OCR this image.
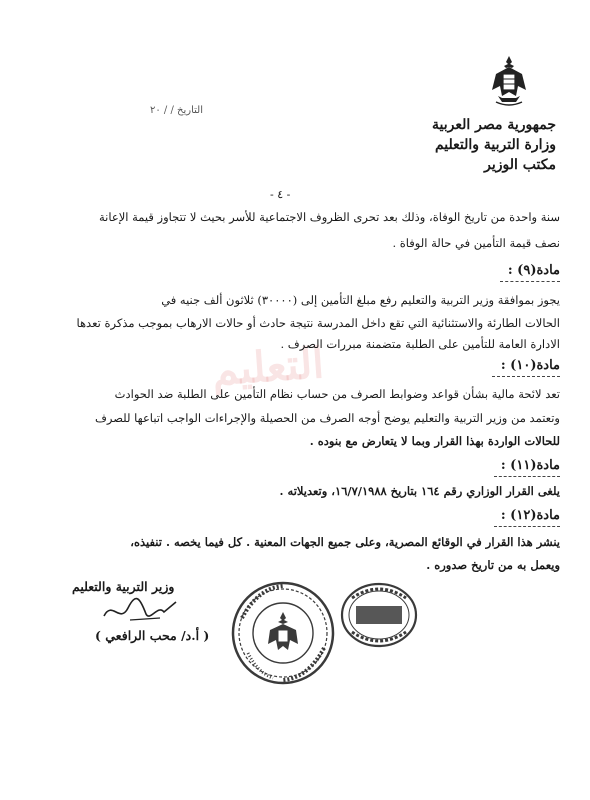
جمهورية مصر العربية
وزارة التربية والتعليم
مكتب الوزير
التاريخ / / ٢٠
- ٤ -
التعليم
سنة واحدة من تاريخ الوفاة، وذلك بعد تحرى الظروف الاجتماعية للأسر بحيث لا تتجاوز قيمة الإعانة
نصف قيمة التأمين في حالة الوفاة .
مادة(٩) :
يجوز بموافقة وزير التربية والتعليم رفع مبلغ التأمين إلى (٣٠٠٠٠) ثلاثون ألف جنيه في
الحالات الطارئة والاستثنائية التي تقع داخل المدرسة نتيجة حادث أو حالات الارهاب بموجب مذكرة تعدها
الادارة العامة للتأمين على الطلبة متضمنة مبررات الصرف .
مادة(١٠) :
تعد لائحة مالية بشأن قواعد وضوابط الصرف من حساب نظام التأمين على الطلبة ضد الحوادث
وتعتمد من وزير التربية والتعليم يوضح أوجه الصرف من الحصيلة والإجراءات الواجب اتباعها للصرف
للحالات الواردة بهذا القرار وبما لا يتعارض مع بنوده .
مادة(١١) :
يلغى القرار الوزاري رقم ١٦٤ بتاريخ ١٦/٧/١٩٨٨، وتعديلاته .
مادة(١٢) :
ينشر هذا القرار في الوقائع المصرية، وعلى جميع الجهات المعنية . كل فيما يخصه . تنفيذه،
ويعمل به من تاريخ صدوره .
وزير التربية والتعليم
( أ.د/ محب الرافعي )
